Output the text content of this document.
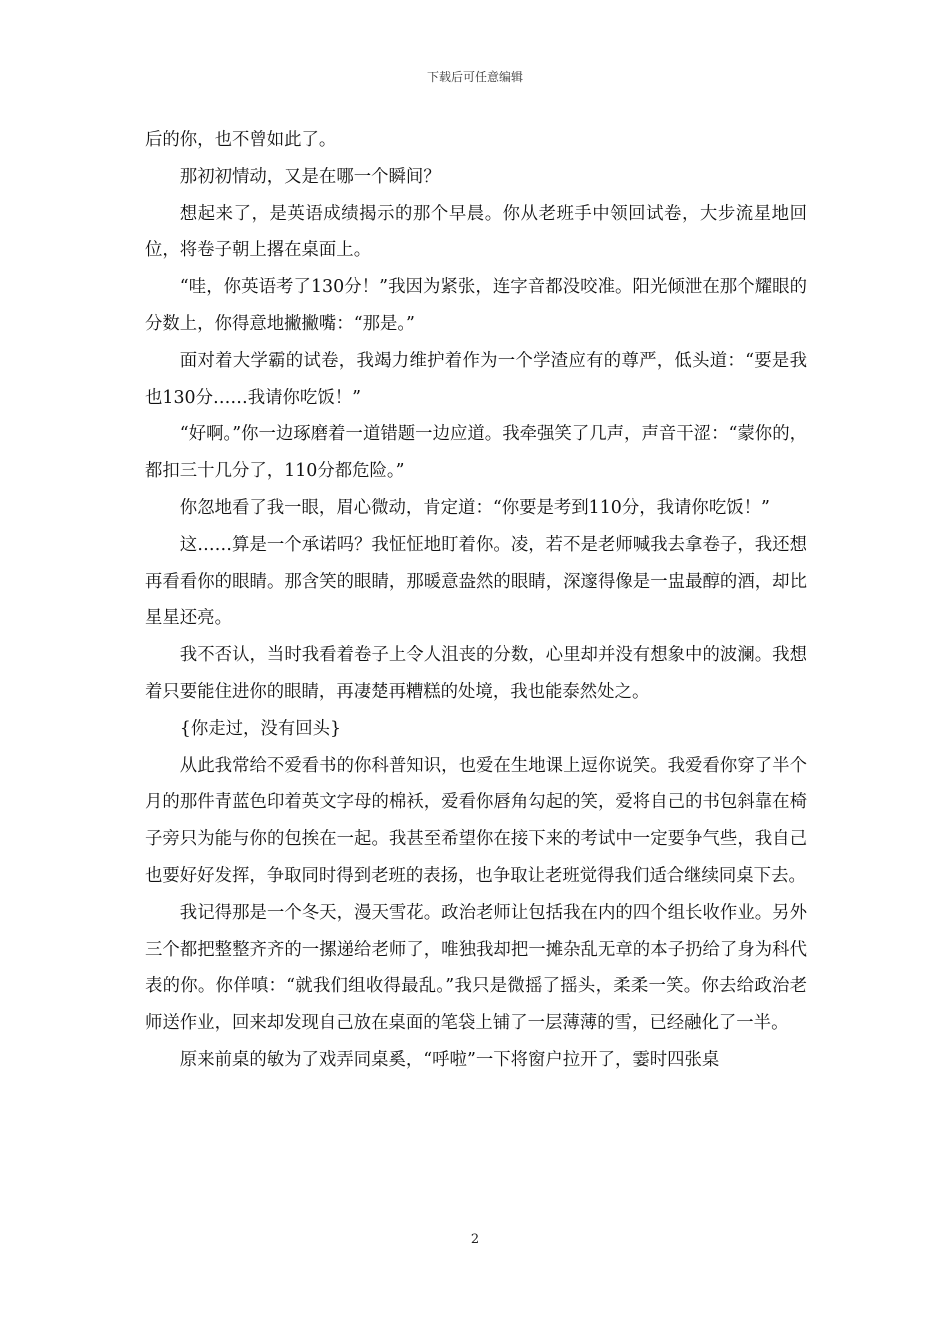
下载后可任意编辑

后的你，也不曾如此了。

那初初情动，又是在哪一个瞬间？

想起来了，是英语成绩揭示的那个早晨。你从老班手中领回试卷，大步流星地回位，将卷子朝上撂在桌面上。

“哇，你英语考了130分！”我因为紧张，连字音都没咬准。阳光倾泄在那个耀眼的分数上，你得意地撇撇嘴：“那是。”

面对着大学霸的试卷，我竭力维护着作为一个学渣应有的尊严，低头道：“要是我也130分……我请你吃饭！”

“好啊。”你一边琢磨着一道错题一边应道。我牵强笑了几声，声音干涩：“蒙你的，都扣三十几分了，110分都危险。”

你忽地看了我一眼，眉心微动，肯定道：“你要是考到110分，我请你吃饭！”

这……算是一个承诺吗？我怔怔地盯着你。凌，若不是老师喊我去拿卷子，我还想再看看你的眼睛。那含笑的眼睛，那暖意盎然的眼睛，深邃得像是一盅最醇的酒，却比星星还亮。

我不否认，当时我看着卷子上令人沮丧的分数，心里却并没有想象中的波澜。我想着只要能住进你的眼睛，再凄楚再糟糕的处境，我也能泰然处之。

{你走过，没有回头}

从此我常给不爱看书的你科普知识，也爱在生地课上逗你说笑。我爱看你穿了半个月的那件青蓝色印着英文字母的棉袄，爱看你唇角勾起的笑，爱将自己的书包斜靠在椅子旁只为能与你的包挨在一起。我甚至希望你在接下来的考试中一定要争气些，我自己也要好好发挥，争取同时得到老班的表扬，也争取让老班觉得我们适合继续同桌下去。

我记得那是一个冬天，漫天雪花。政治老师让包括我在内的四个组长收作业。另外三个都把整整齐齐的一摞递给老师了，唯独我却把一摊杂乱无章的本子扔给了身为科代表的你。你佯嗔：“就我们组收得最乱。”我只是微摇了摇头，柔柔一笑。你去给政治老师送作业，回来却发现自己放在桌面的笔袋上铺了一层薄薄的雪，已经融化了一半。

原来前桌的敏为了戏弄同桌奚，“呼啦”一下将窗户拉开了，霎时四张桌

2
